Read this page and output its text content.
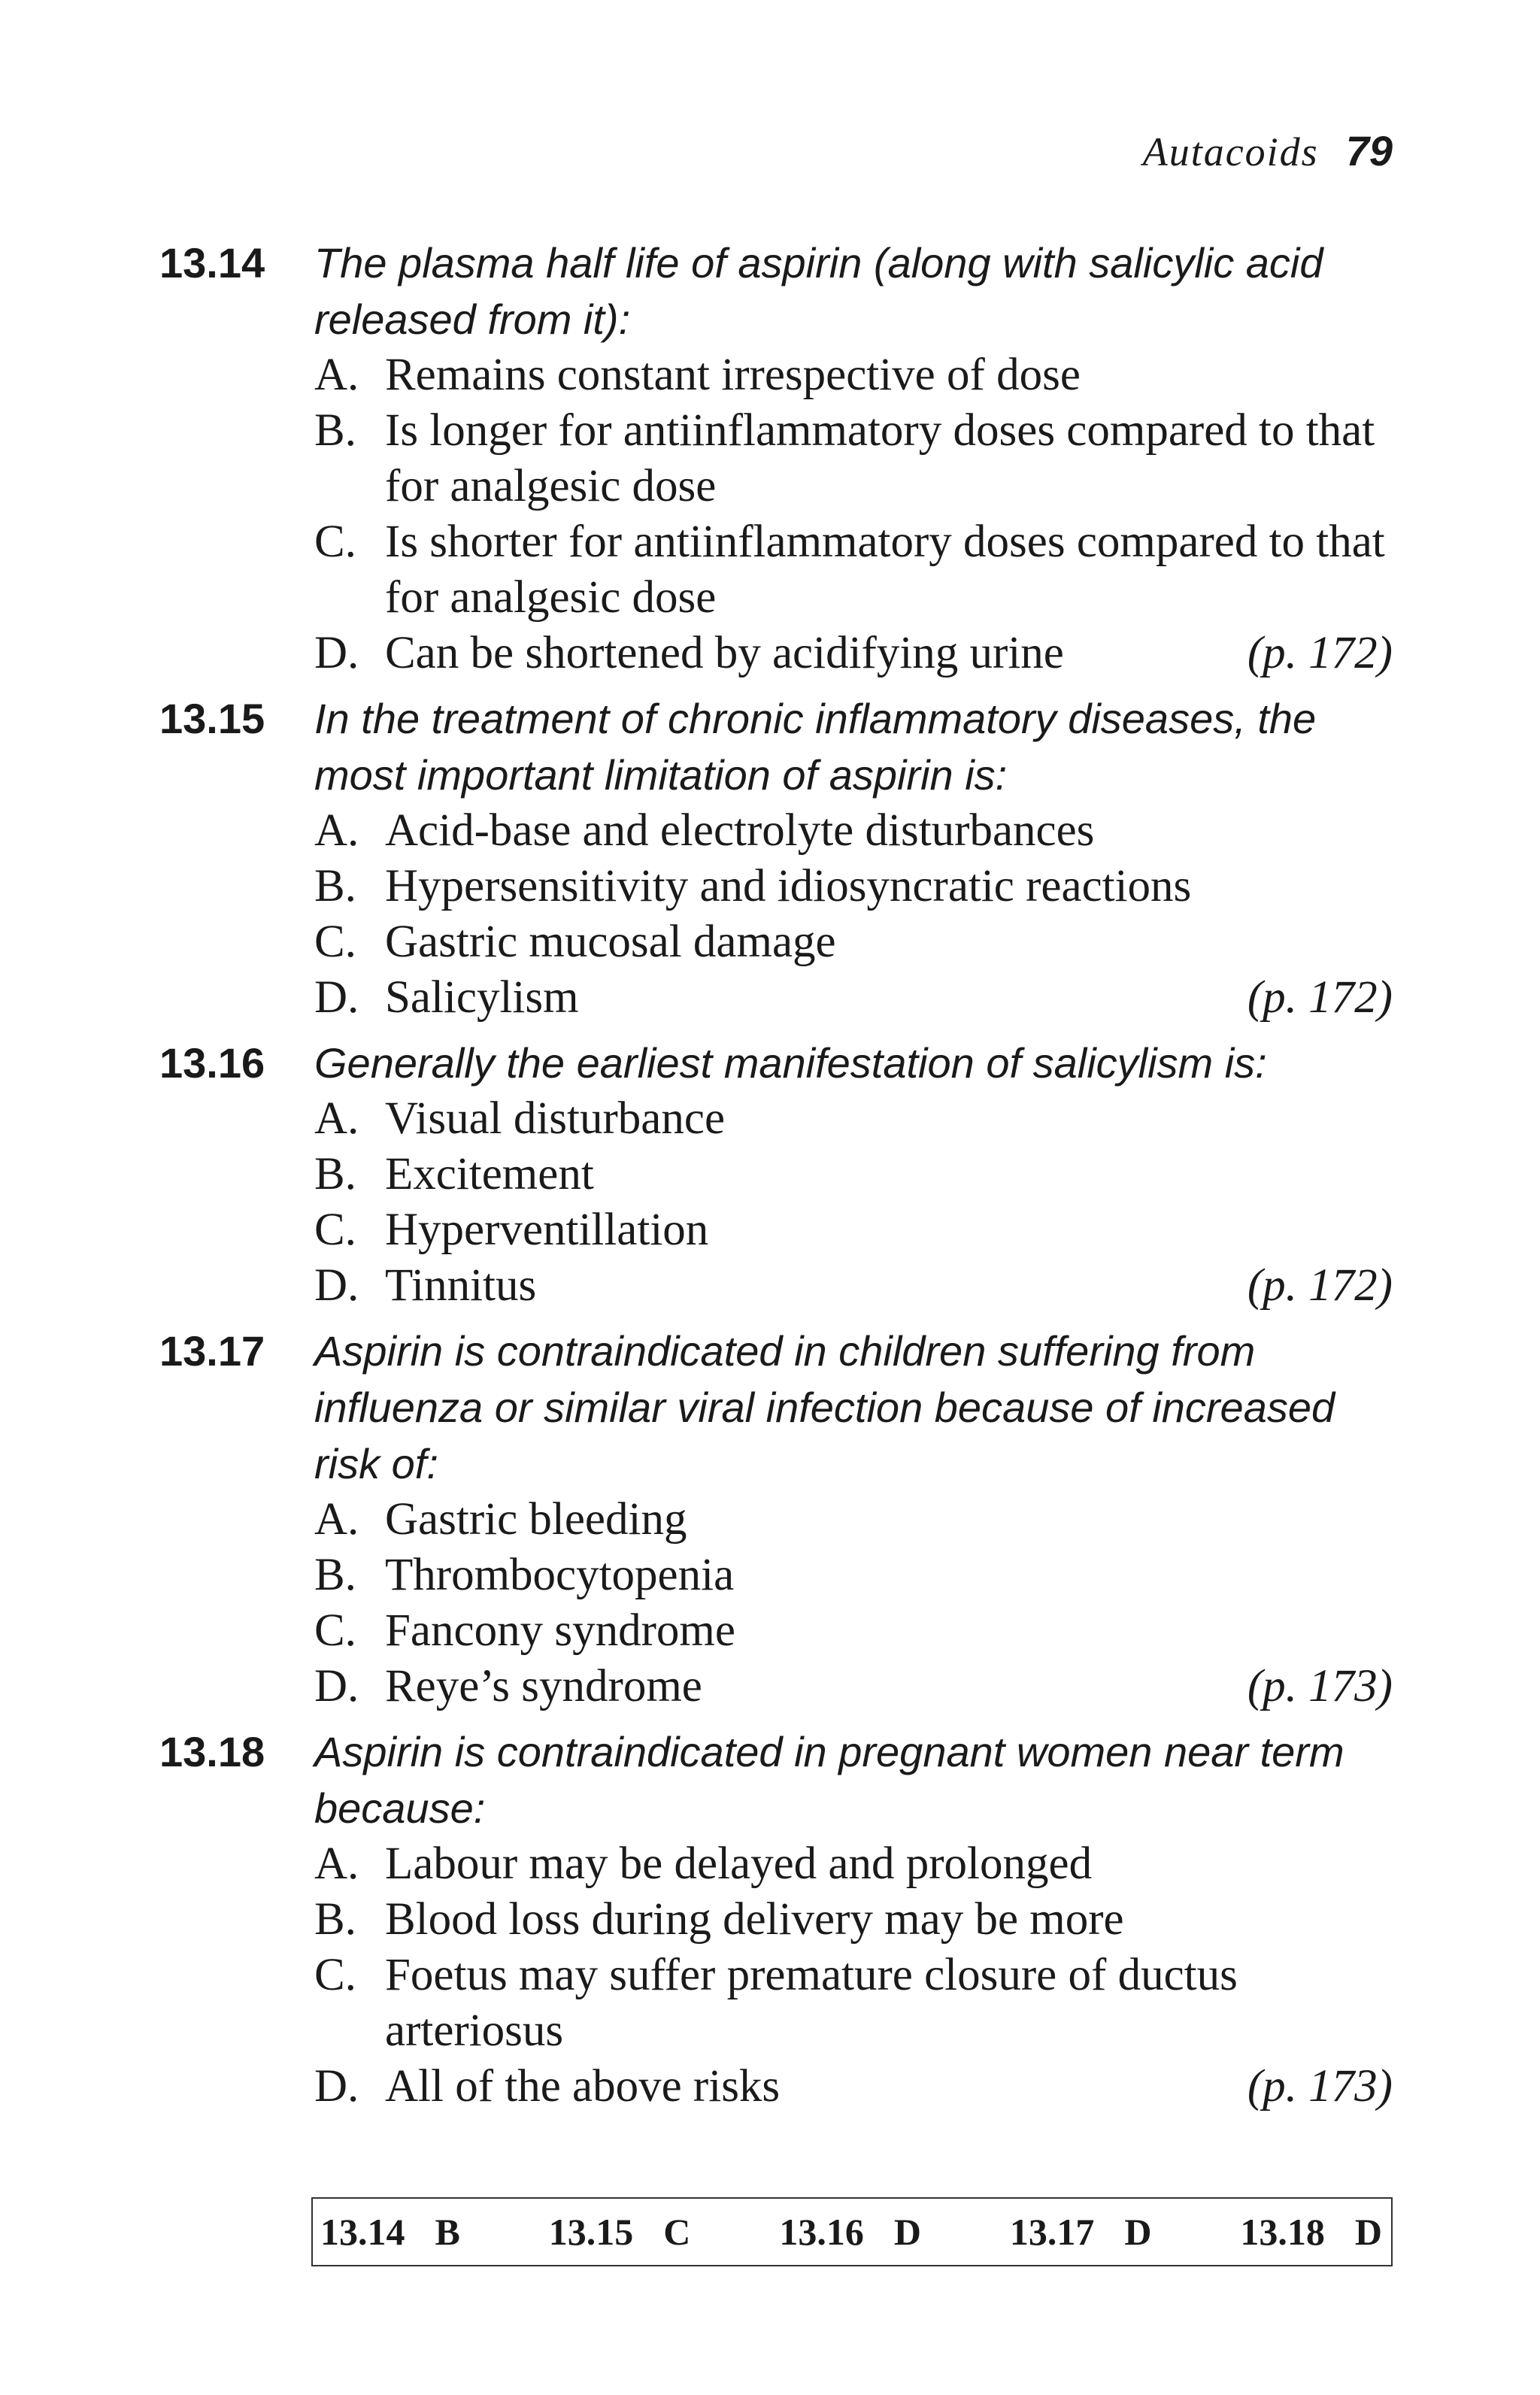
Autacoids 79
13.14	The plasma half life of aspirin (along with salicylic acid released from it):
A. Remains constant irrespective of dose
B. Is longer for antiinflammatory doses compared to that for analgesic dose
C. Is shorter for antiinflammatory doses compared to that for analgesic dose
D. Can be shortened by acidifying urine	(p. 172)
13.15	In the treatment of chronic inflammatory diseases, the most important limitation of aspirin is:
A. Acid-base and electrolyte disturbances
B. Hypersensitivity and idiosyncratic reactions
C. Gastric mucosal damage
D. Salicylism	(p. 172)
13.16	Generally the earliest manifestation of salicylism is:
A. Visual disturbance
B. Excitement
C. Hyperventillation
D. Tinnitus	(p. 172)
13.17	Aspirin is contraindicated in children suffering from influenza or similar viral infection because of increased risk of:
A. Gastric bleeding
B. Thrombocytopenia
C. Fancony syndrome
D. Reye’s syndrome	(p. 173)
13.18	Aspirin is contraindicated in pregnant women near term because:
A. Labour may be delayed and prolonged
B. Blood loss during delivery may be more
C. Foetus may suffer premature closure of ductus arteriosus
D. All of the above risks	(p. 173)
13.14 B 13.15 C 13.16 D 13.17 D 13.18 D
